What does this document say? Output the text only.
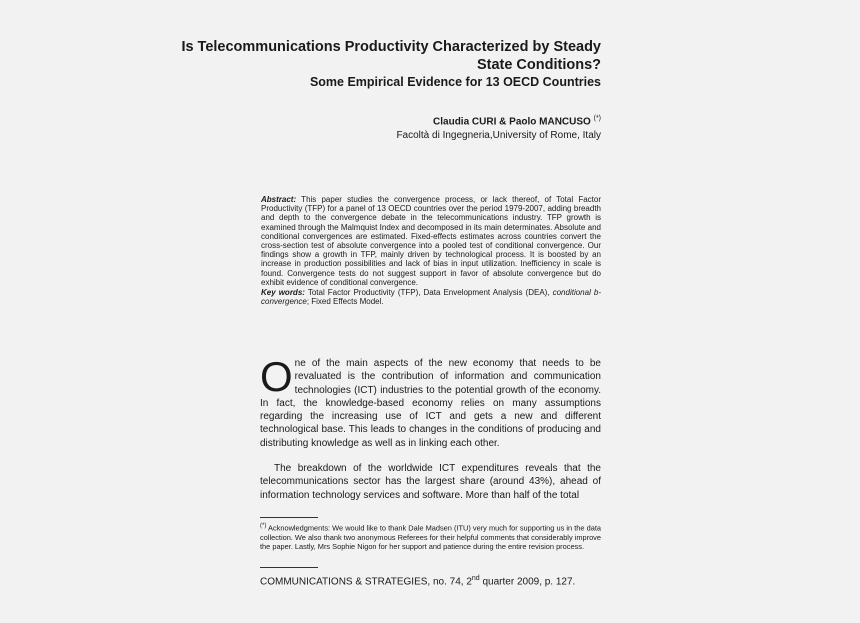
Is Telecommunications Productivity Characterized by Steady State Conditions?
Some Empirical Evidence for 13 OECD Countries
Claudia CURI & Paolo MANCUSO (*)
Facoltà di Ingegneria,University of Rome, Italy

Abstract: This paper studies the convergence process, or lack thereof, of Total Factor Productivity (TFP) for a panel of 13 OECD countries over the period 1979-2007, adding breadth and depth to the convergence debate in the telecommunications industry. TFP growth is examined through the Malmquist Index and decomposed in its main determinates. Absolute and conditional convergences are estimated. Fixed-effects estimates across countries convert the cross-section test of absolute convergence into a pooled test of conditional convergence. Our findings show a growth in TFP, mainly driven by technological process. It is boosted by an increase in production possibilities and lack of bias in input utilization. Inefficiency in scale is found. Convergence tests do not suggest support in favor of absolute convergence but do exhibit evidence of conditional convergence.

Key words: Total Factor Productivity (TFP), Data Envelopment Analysis (DEA), conditional b-convergence; Fixed Effects Model.

One of the main aspects of the new economy that needs to be revaluated is the contribution of information and communication technologies (ICT) industries to the potential growth of the economy. In fact, the knowledge-based economy relies on many assumptions regarding the increasing use of ICT and gets a new and different technological base. This leads to changes in the conditions of producing and distributing knowledge as well as in linking each other.

The breakdown of the worldwide ICT expenditures reveals that the telecommunications sector has the largest share (around 43%), ahead of information technology services and software. More than half of the total

(*) Acknowledgments: We would like to thank Dale Madsen (ITU) very much for supporting us in the data collection. We also thank two anonymous Referees for their helpful comments that considerably improve the paper. Lastly, Mrs Sophie Nigon for her support and patience during the entire revision process.
COMMUNICATIONS & STRATEGIES, no. 74, 2nd quarter 2009, p. 127.
